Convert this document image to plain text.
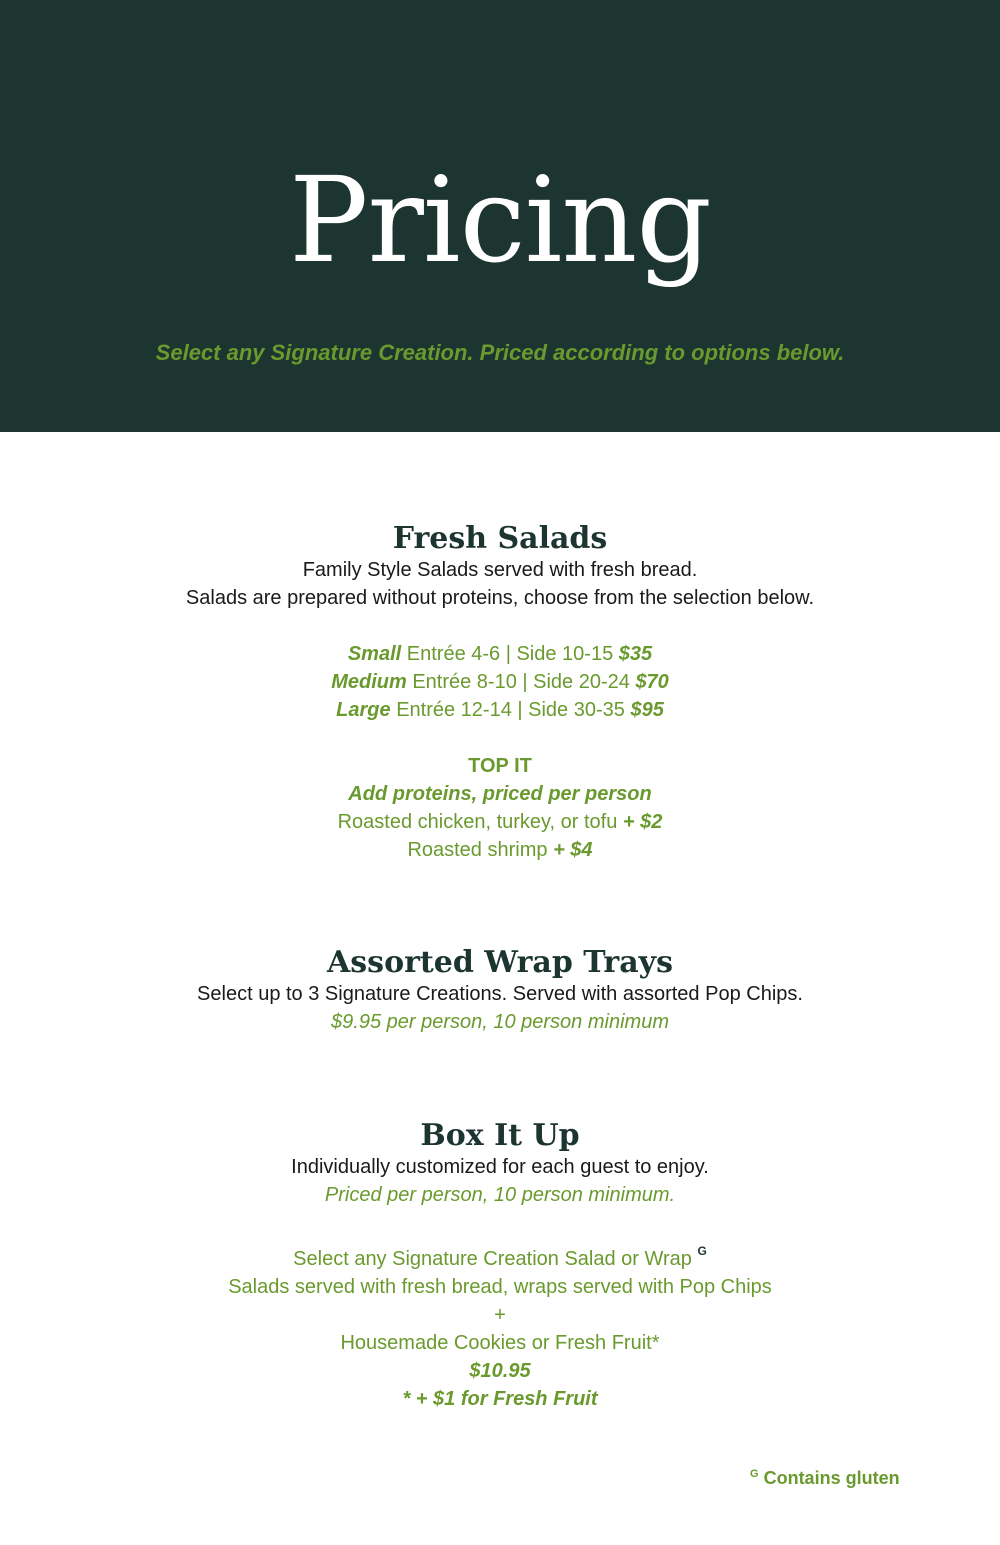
Pricing
Select any Signature Creation. Priced according to options below.
Fresh Salads
Family Style Salads served with fresh bread.
Salads are prepared without proteins, choose from the selection below.
Small Entrée 4-6 | Side 10-15 $35
Medium Entrée 8-10 | Side 20-24 $70
Large Entrée 12-14 | Side 30-35 $95
TOP IT
Add proteins, priced per person
Roasted chicken, turkey, or tofu + $2
Roasted shrimp + $4
Assorted Wrap Trays
Select up to 3 Signature Creations. Served with assorted Pop Chips.
$9.95 per person, 10 person minimum
Box It Up
Individually customized for each guest to enjoy.
Priced per person, 10 person minimum.
Select any Signature Creation Salad or Wrap $^G$
Salads served with fresh bread, wraps served with Pop Chips
+
Housemade Cookies or Fresh Fruit*
$10.95
* + $1 for Fresh Fruit
$^G$ Contains gluten
